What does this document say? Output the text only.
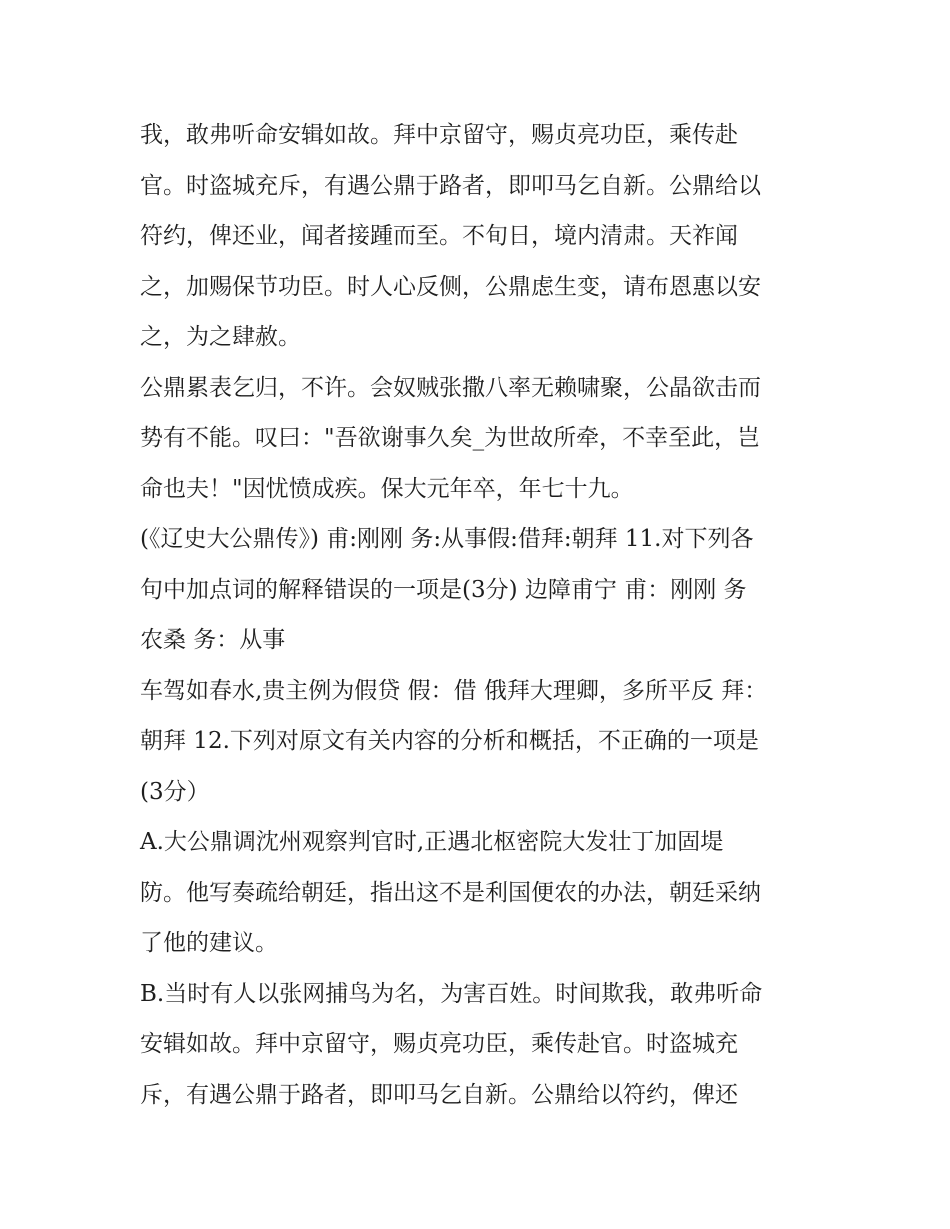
我，敢弗听命安辑如故。拜中京留守，赐贞亮功臣，乘传赴
官。时盗城充斥，有遇公鼎于路者，即叩马乞自新。公鼎给以
符约，俾还业，闻者接踵而至。不旬日，境内清肃。天祚闻
之，加赐保节功臣。时人心反侧，公鼎虑生变，请布恩惠以安
之，为之肆赦。
公鼎累表乞归，不许。会奴贼张撒八率无赖啸聚，公晶欲击而
势有不能。叹曰："吾欲谢事久矣_为世故所牵，不幸至此，岂
命也夫！"因忧愤成疾。保大元年卒，年七十九。
(《辽史大公鼎传》) 甫:刚刚 务:从事假:借拜:朝拜 11.对下列各
句中加点词的解释错误的一项是(3分) 边障甫宁 甫：刚刚 务
农桑 务：从事
车驾如春水,贵主例为假贷 假：借 俄拜大理卿，多所平反 拜：
朝拜 12.下列对原文有关内容的分析和概括，不正确的一项是
(3分）
A.大公鼎调沈州观察判官时,正遇北枢密院大发壮丁加固堤
防。他写奏疏给朝廷，指出这不是利国便农的办法，朝廷采纳
了他的建议。
B.当时有人以张网捕鸟为名，为害百姓。时间欺我，敢弗听命
安辑如故。拜中京留守，赐贞亮功臣，乘传赴官。时盗城充
斥，有遇公鼎于路者，即叩马乞自新。公鼎给以符约，俾还
